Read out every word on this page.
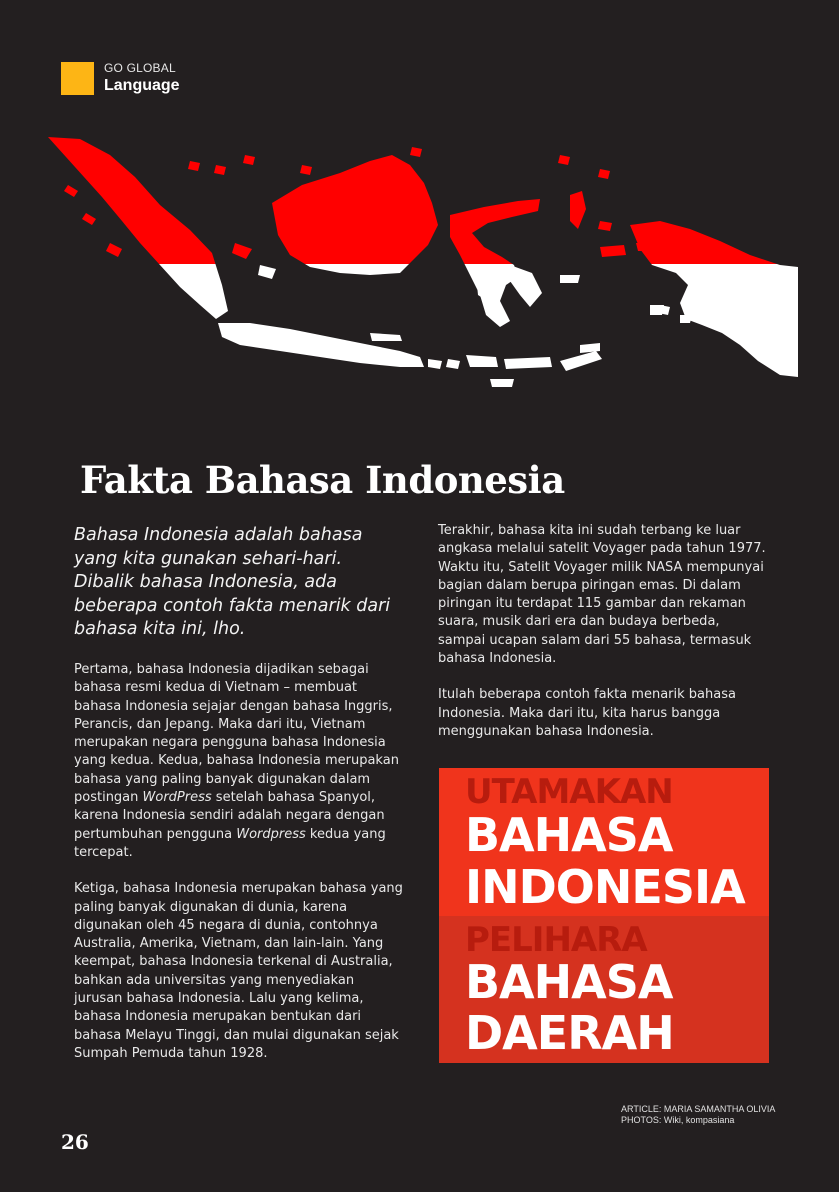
GO GLOBAL
Language
Fakta Bahasa Indonesia

Bahasa Indonesia adalah bahasa yang kita gunakan sehari-hari. Dibalik bahasa Indonesia, ada beberapa contoh fakta menarik dari bahasa kita ini, lho.

Pertama, bahasa Indonesia dijadikan sebagai bahasa resmi kedua di Vietnam – membuat bahasa Indonesia sejajar dengan bahasa Inggris, Perancis, dan Jepang. Maka dari itu, Vietnam merupakan negara pengguna bahasa Indonesia yang kedua. Kedua, bahasa Indonesia merupakan bahasa yang paling banyak digunakan dalam postingan WordPress setelah bahasa Spanyol, karena Indonesia sendiri adalah negara dengan pertumbuhan pengguna Wordpress kedua yang tercepat.

Ketiga, bahasa Indonesia merupakan bahasa yang paling banyak digunakan di dunia, karena digunakan oleh 45 negara di dunia, contohnya Australia, Amerika, Vietnam, dan lain-lain. Yang keempat, bahasa Indonesia terkenal di Australia, bahkan ada universitas yang menyediakan jurusan bahasa Indonesia. Lalu yang kelima, bahasa Indonesia merupakan bentukan dari bahasa Melayu Tinggi, dan mulai digunakan sejak Sumpah Pemuda tahun 1928.

Terakhir, bahasa kita ini sudah terbang ke luar angkasa melalui satelit Voyager pada tahun 1977. Waktu itu, Satelit Voyager milik NASA mempunyai bagian dalam berupa piringan emas. Di dalam piringan itu terdapat 115 gambar dan rekaman suara, musik dari era dan budaya berbeda, sampai ucapan salam dari 55 bahasa, termasuk bahasa Indonesia.

Itulah beberapa contoh fakta menarik bahasa Indonesia. Maka dari itu, kita harus bangga menggunakan bahasa Indonesia.

UTAMAKAN
BAHASA
INDONESIA
PELIHARA
BAHASA
DAERAH
ARTICLE: MARIA SAMANTHA OLIVIA
PHOTOS: Wiki, kompasiana
26
